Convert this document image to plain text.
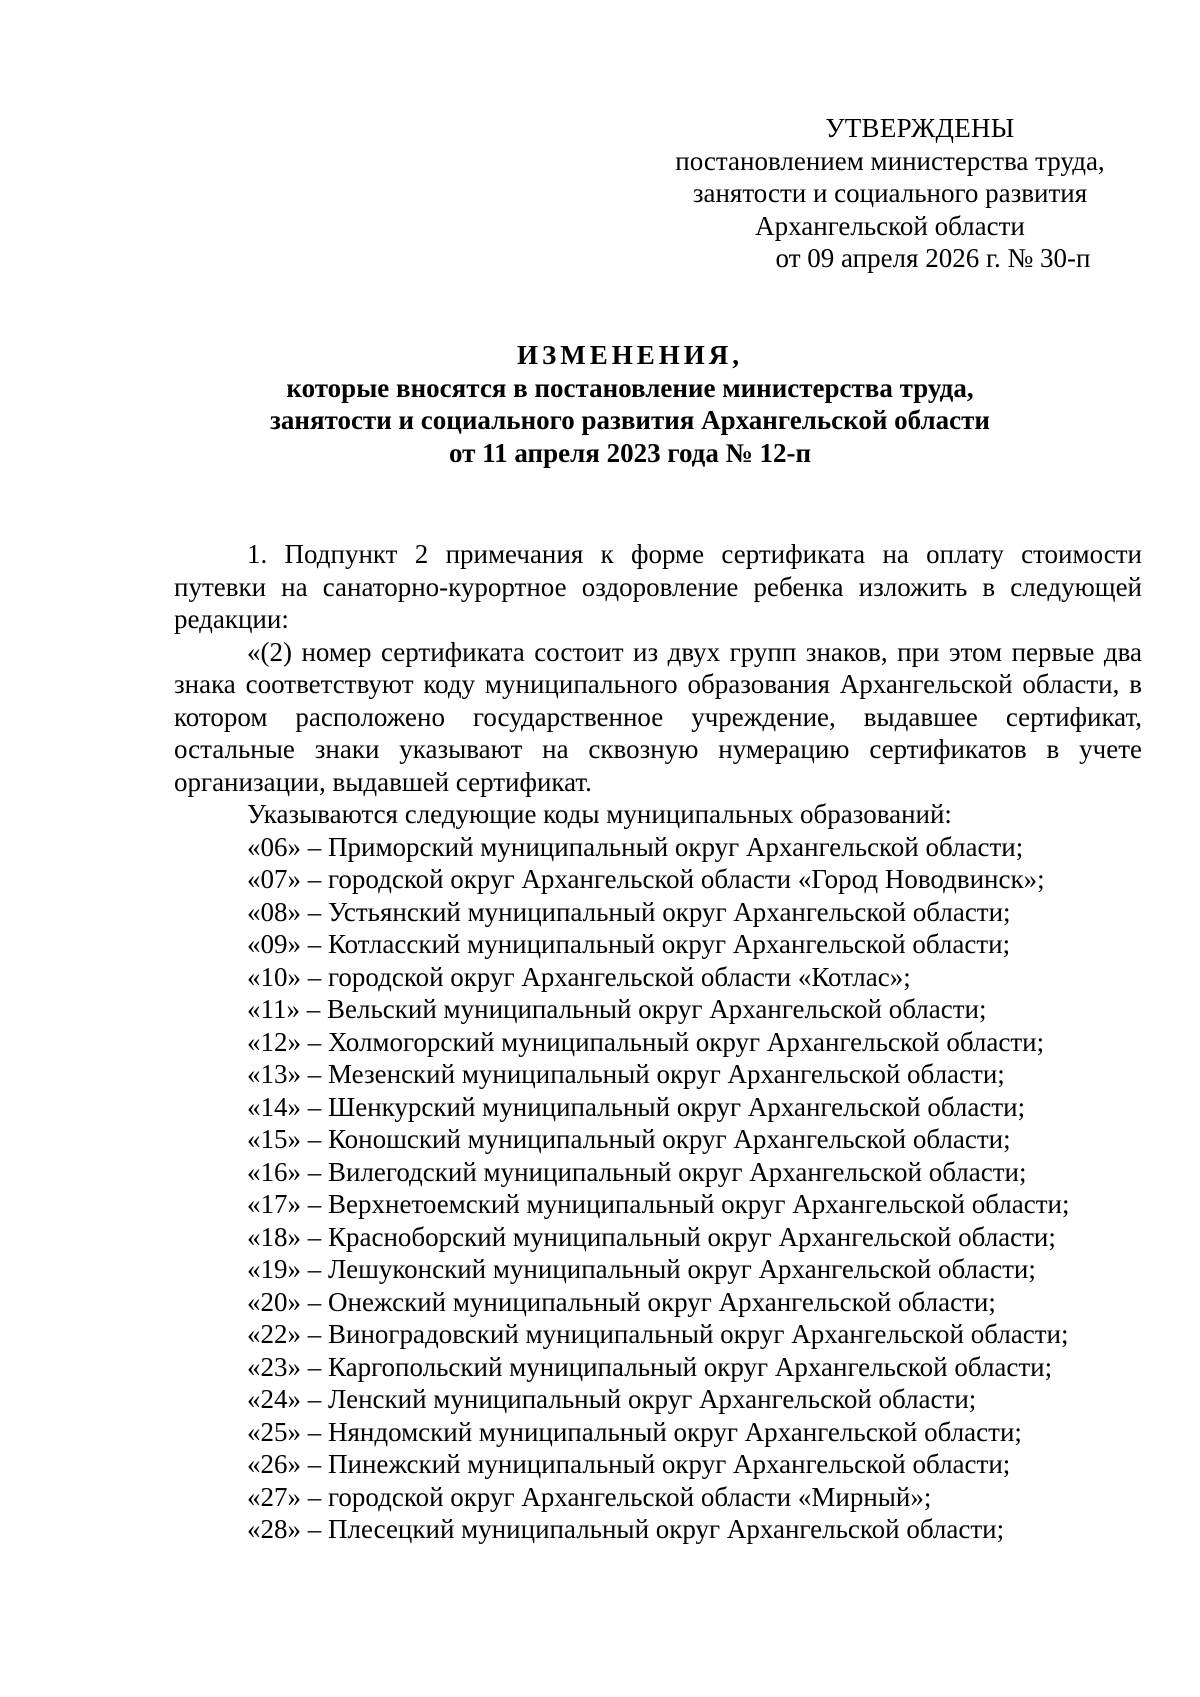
УТВЕРЖДЕНЫ
постановлением министерства труда,
занятости и социального развития
Архангельской области
от 09 апреля 2026 г. № 30-п
ИЗМЕНЕНИЯ,
которые вносятся в постановление министерства труда,
занятости и социального развития Архангельской области
от 11 апреля 2023 года № 12-п

1. Подпункт 2 примечания к форме сертификата на оплату стоимости путевки на санаторно-курортное оздоровление ребенка изложить в следующей редакции:

«(2) номер сертификата состоит из двух групп знаков, при этом первые два знака соответствуют коду муниципального образования Архангельской области, в котором расположено государственное учреждение, выдавшее сертификат, остальные знаки указывают на сквозную нумерацию сертификатов в учете организации, выдавшей сертификат.

Указываются следующие коды муниципальных образований:
«06» – Приморский муниципальный округ Архангельской области;
«07» – городской округ Архангельской области «Город Новодвинск»;
«08» – Устьянский муниципальный округ Архангельской области;
«09» – Котласский муниципальный округ Архангельской области;
«10» – городской округ Архангельской области «Котлас»;
«11» – Вельский муниципальный округ Архангельской области;
«12» – Холмогорский муниципальный округ Архангельской области;
«13» – Мезенский муниципальный округ Архангельской области;
«14» – Шенкурский муниципальный округ Архангельской области;
«15» – Коношский муниципальный округ Архангельской области;
«16» – Вилегодский муниципальный округ Архангельской области;
«17» – Верхнетоемский муниципальный округ Архангельской области;
«18» – Красноборский муниципальный округ Архангельской области;
«19» – Лешуконский муниципальный округ Архангельской области;
«20» – Онежский муниципальный округ Архангельской области;
«22» – Виноградовский муниципальный округ Архангельской области;
«23» – Каргопольский муниципальный округ Архангельской области;
«24» – Ленский муниципальный округ Архангельской области;
«25» – Няндомский муниципальный округ Архангельской области;
«26» – Пинежский муниципальный округ Архангельской области;
«27» – городской округ Архангельской области «Мирный»;
«28» – Плесецкий муниципальный округ Архангельской области;
